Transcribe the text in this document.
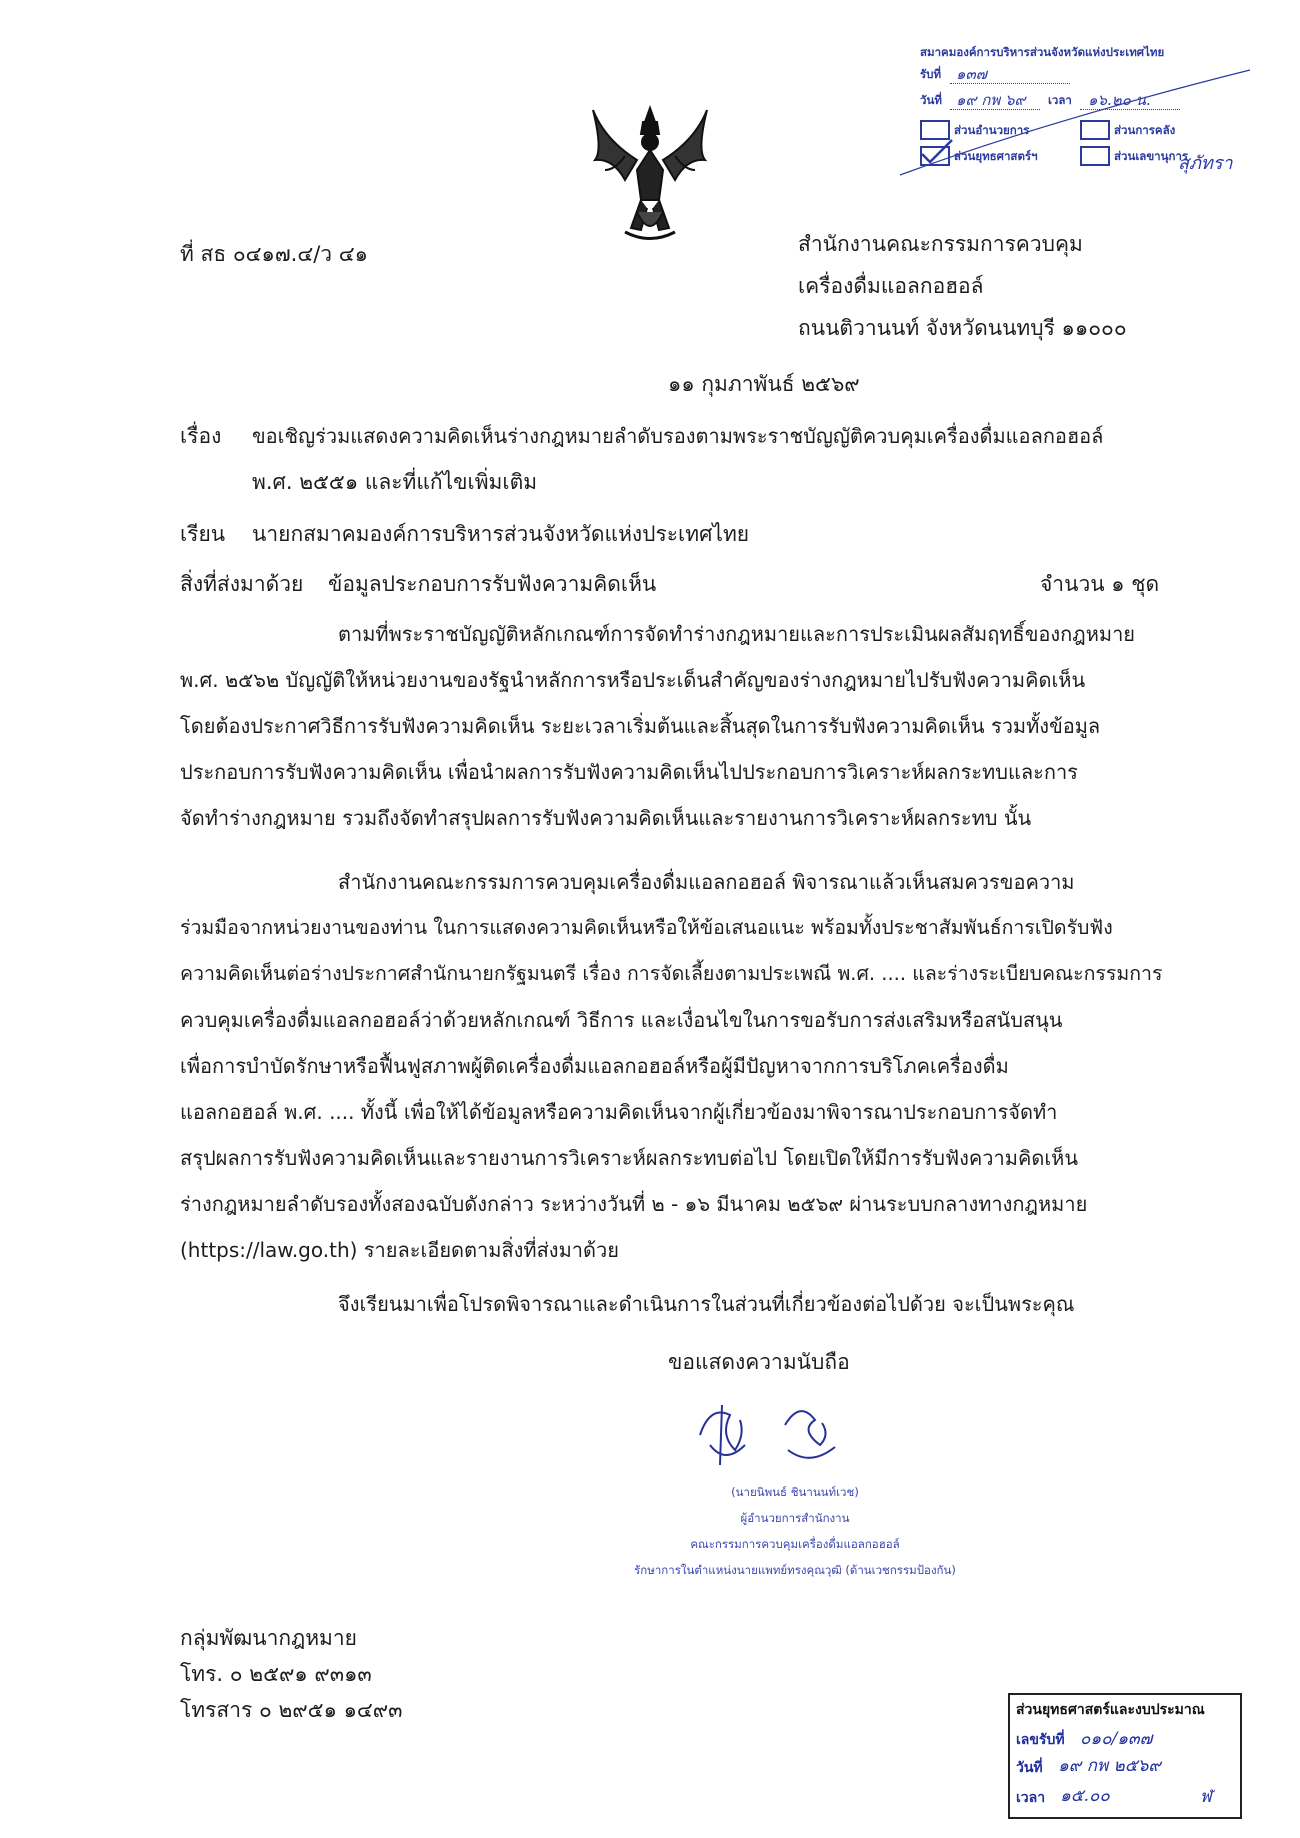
สมาคมองค์การบริหารส่วนจังหวัดแห่งประเทศไทย
รับที่ ๑๓๗
วันที่ ๑๙ กพ ๖๙ เวลา ๑๖.๒๐ น.
ส่วนอำนวยการ	ส่วนการคลัง
ส่วนยุทธศาสตร์ฯ	ส่วนเลขานุการ
สุภัทรา
ที่ สธ ๐๔๑๗.๔/ว ๔๑	สำนักงานคณะกรรมการควบคุม
เครื่องดื่มแอลกอฮอล์
ถนนติวานนท์ จังหวัดนนทบุรี ๑๑๐๐๐
๑๑ กุมภาพันธ์ ๒๕๖๙
เรื่อง ขอเชิญร่วมแสดงความคิดเห็นร่างกฎหมายลำดับรองตามพระราชบัญญัติควบคุมเครื่องดื่มแอลกอฮอล์
พ.ศ. ๒๕๕๑ และที่แก้ไขเพิ่มเติม
เรียน นายกสมาคมองค์การบริหารส่วนจังหวัดแห่งประเทศไทย
สิ่งที่ส่งมาด้วย ข้อมูลประกอบการรับฟังความคิดเห็น	จำนวน ๑ ชุด
ตามที่พระราชบัญญัติหลักเกณฑ์การจัดทำร่างกฎหมายและการประเมินผลสัมฤทธิ์ของกฎหมาย
พ.ศ. ๒๕๖๒ บัญญัติให้หน่วยงานของรัฐนำหลักการหรือประเด็นสำคัญของร่างกฎหมายไปรับฟังความคิดเห็น
โดยต้องประกาศวิธีการรับฟังความคิดเห็น ระยะเวลาเริ่มต้นและสิ้นสุดในการรับฟังความคิดเห็น รวมทั้งข้อมูล
ประกอบการรับฟังความคิดเห็น เพื่อนำผลการรับฟังความคิดเห็นไปประกอบการวิเคราะห์ผลกระทบและการ
จัดทำร่างกฎหมาย รวมถึงจัดทำสรุปผลการรับฟังความคิดเห็นและรายงานการวิเคราะห์ผลกระทบ นั้น
สำนักงานคณะกรรมการควบคุมเครื่องดื่มแอลกอฮอล์ พิจารณาแล้วเห็นสมควรขอความ
ร่วมมือจากหน่วยงานของท่าน ในการแสดงความคิดเห็นหรือให้ข้อเสนอแนะ พร้อมทั้งประชาสัมพันธ์การเปิดรับฟัง
ความคิดเห็นต่อร่างประกาศสำนักนายกรัฐมนตรี เรื่อง การจัดเลี้ยงตามประเพณี พ.ศ. .... และร่างระเบียบคณะกรรมการ
ควบคุมเครื่องดื่มแอลกอฮอล์ว่าด้วยหลักเกณฑ์ วิธีการ และเงื่อนไขในการขอรับการส่งเสริมหรือสนับสนุน
เพื่อการบำบัดรักษาหรือฟื้นฟูสภาพผู้ติดเครื่องดื่มแอลกอฮอล์หรือผู้มีปัญหาจากการบริโภคเครื่องดื่ม
แอลกอฮอล์ พ.ศ. .... ทั้งนี้ เพื่อให้ได้ข้อมูลหรือความคิดเห็นจากผู้เกี่ยวข้องมาพิจารณาประกอบการจัดทำ
สรุปผลการรับฟังความคิดเห็นและรายงานการวิเคราะห์ผลกระทบต่อไป โดยเปิดให้มีการรับฟังความคิดเห็น
ร่างกฎหมายลำดับรองทั้งสองฉบับดังกล่าว ระหว่างวันที่ ๒ - ๑๖ มีนาคม ๒๕๖๙ ผ่านระบบกลางทางกฎหมาย
(https://law.go.th) รายละเอียดตามสิ่งที่ส่งมาด้วย
จึงเรียนมาเพื่อโปรดพิจารณาและดำเนินการในส่วนที่เกี่ยวข้องต่อไปด้วย จะเป็นพระคุณ
ขอแสดงความนับถือ
(นายนิพนธ์ ชินานนท์เวช)
ผู้อำนวยการสำนักงาน
คณะกรรมการควบคุมเครื่องดื่มแอลกอฮอล์
รักษาการในตำแหน่งนายแพทย์ทรงคุณวุฒิ (ด้านเวชกรรมป้องกัน)
กลุ่มพัฒนากฎหมาย
โทร. ๐ ๒๕๙๑ ๙๓๑๓
โทรสาร ๐ ๒๙๕๑ ๑๔๙๓	ส่วนยุทธศาสตร์และงบประมาณ
เลขรับที่ ๐๑๐/๑๓๗
วันที่ ๑๙ กพ ๒๕๖๙
เวลา ๑๕.๐๐	ฬ
